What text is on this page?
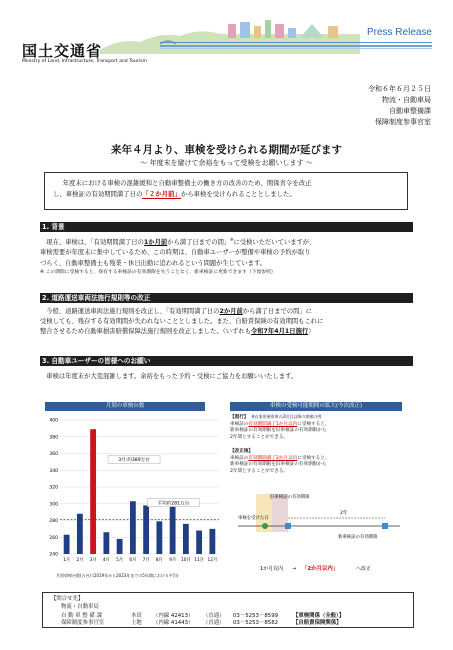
国土交通省
Ministry of Land, Infrastructure, Transport and Tourism
Press Release
令和６年６月２５日
物流・自動車局
自動車整備課
保障制度参事官室
来年４月より、車検を受けられる期間が延びます
～ 年度末を避けて余裕をもって受検をお願いします ～
年度末における車検の混雑緩和と自動車整備士の働き方の改善のため、関係省令を改正
し、車検証の有効期間満了日の「２か月前」から車検を受けられることとしました。
1. 背景
現在、車検は、「有効期間満了日の1か月前から満了日までの間」※に受検いただいていますが、
車検需要が年度末に集中しているため、この時期は、自動車ユーザーが整備や車検の予約が取り
づらく、自動車整備士も残業・休日出勤に追われるという問題が生じています。
※ この期間に受検すると、保有する車検証の有効期限を失うことなく、新車検証に更新できます（下図参照）
2. 道路運送車両法施行規則等の改正
今般、道路運送車両法施行規則を改正し、「有効期間満了日の2か月前から満了日までの間」に
受検しても、残存する有効期間が失われないこととしました。また、自賠責保険の有効期間もこれに
整合させるため自動車損害賠償保障法施行規則を改正しました。（いずれも令和7年4月1日施行）
3. 自動車ユーザーの皆様へのお願い
車検は年度末が大変混雑します。余裕をもった予約・受検にご協力をお願いいたします。
月別の車検台数
240
260
280
300
320
340
360
380
400
1月 2月 3月 4月 5月 6月 7月 8月 9月 10月 11月 12月
3月:約389万台
平均約281万台
月別車検台数(万台) (2019年から2023年までの5年間における平均)
車検の受検可能期間の拡大(今次改正)
【現行】 ※自家用乗用車の2回目以降の車検の例
車検証の有効期間満了1か月以内に受検すると、
新車検証の有効期限を旧車検証の有効期限から
2年間とすることができる。
【改正後】
車検証の有効期間満了2か月以内に受検すると、
新車検証の有効期限を旧車検証の有効期限から
2年間とすることができる。
旧車検証の有効期限
車検を受けた日
2年
新車検証の有効期限
1か月以内 → 「2か月以内」	へ改正
【問合せ先】
物流・自動車局
自 動 車 整 備 課	本田 （内線 42413） （直通） 03－5253－8599	【車検関係（全般）】
保障制度参事官室	上地 （内線 41443） （直通） 03－5253－8582	【自賠責保険関係】
